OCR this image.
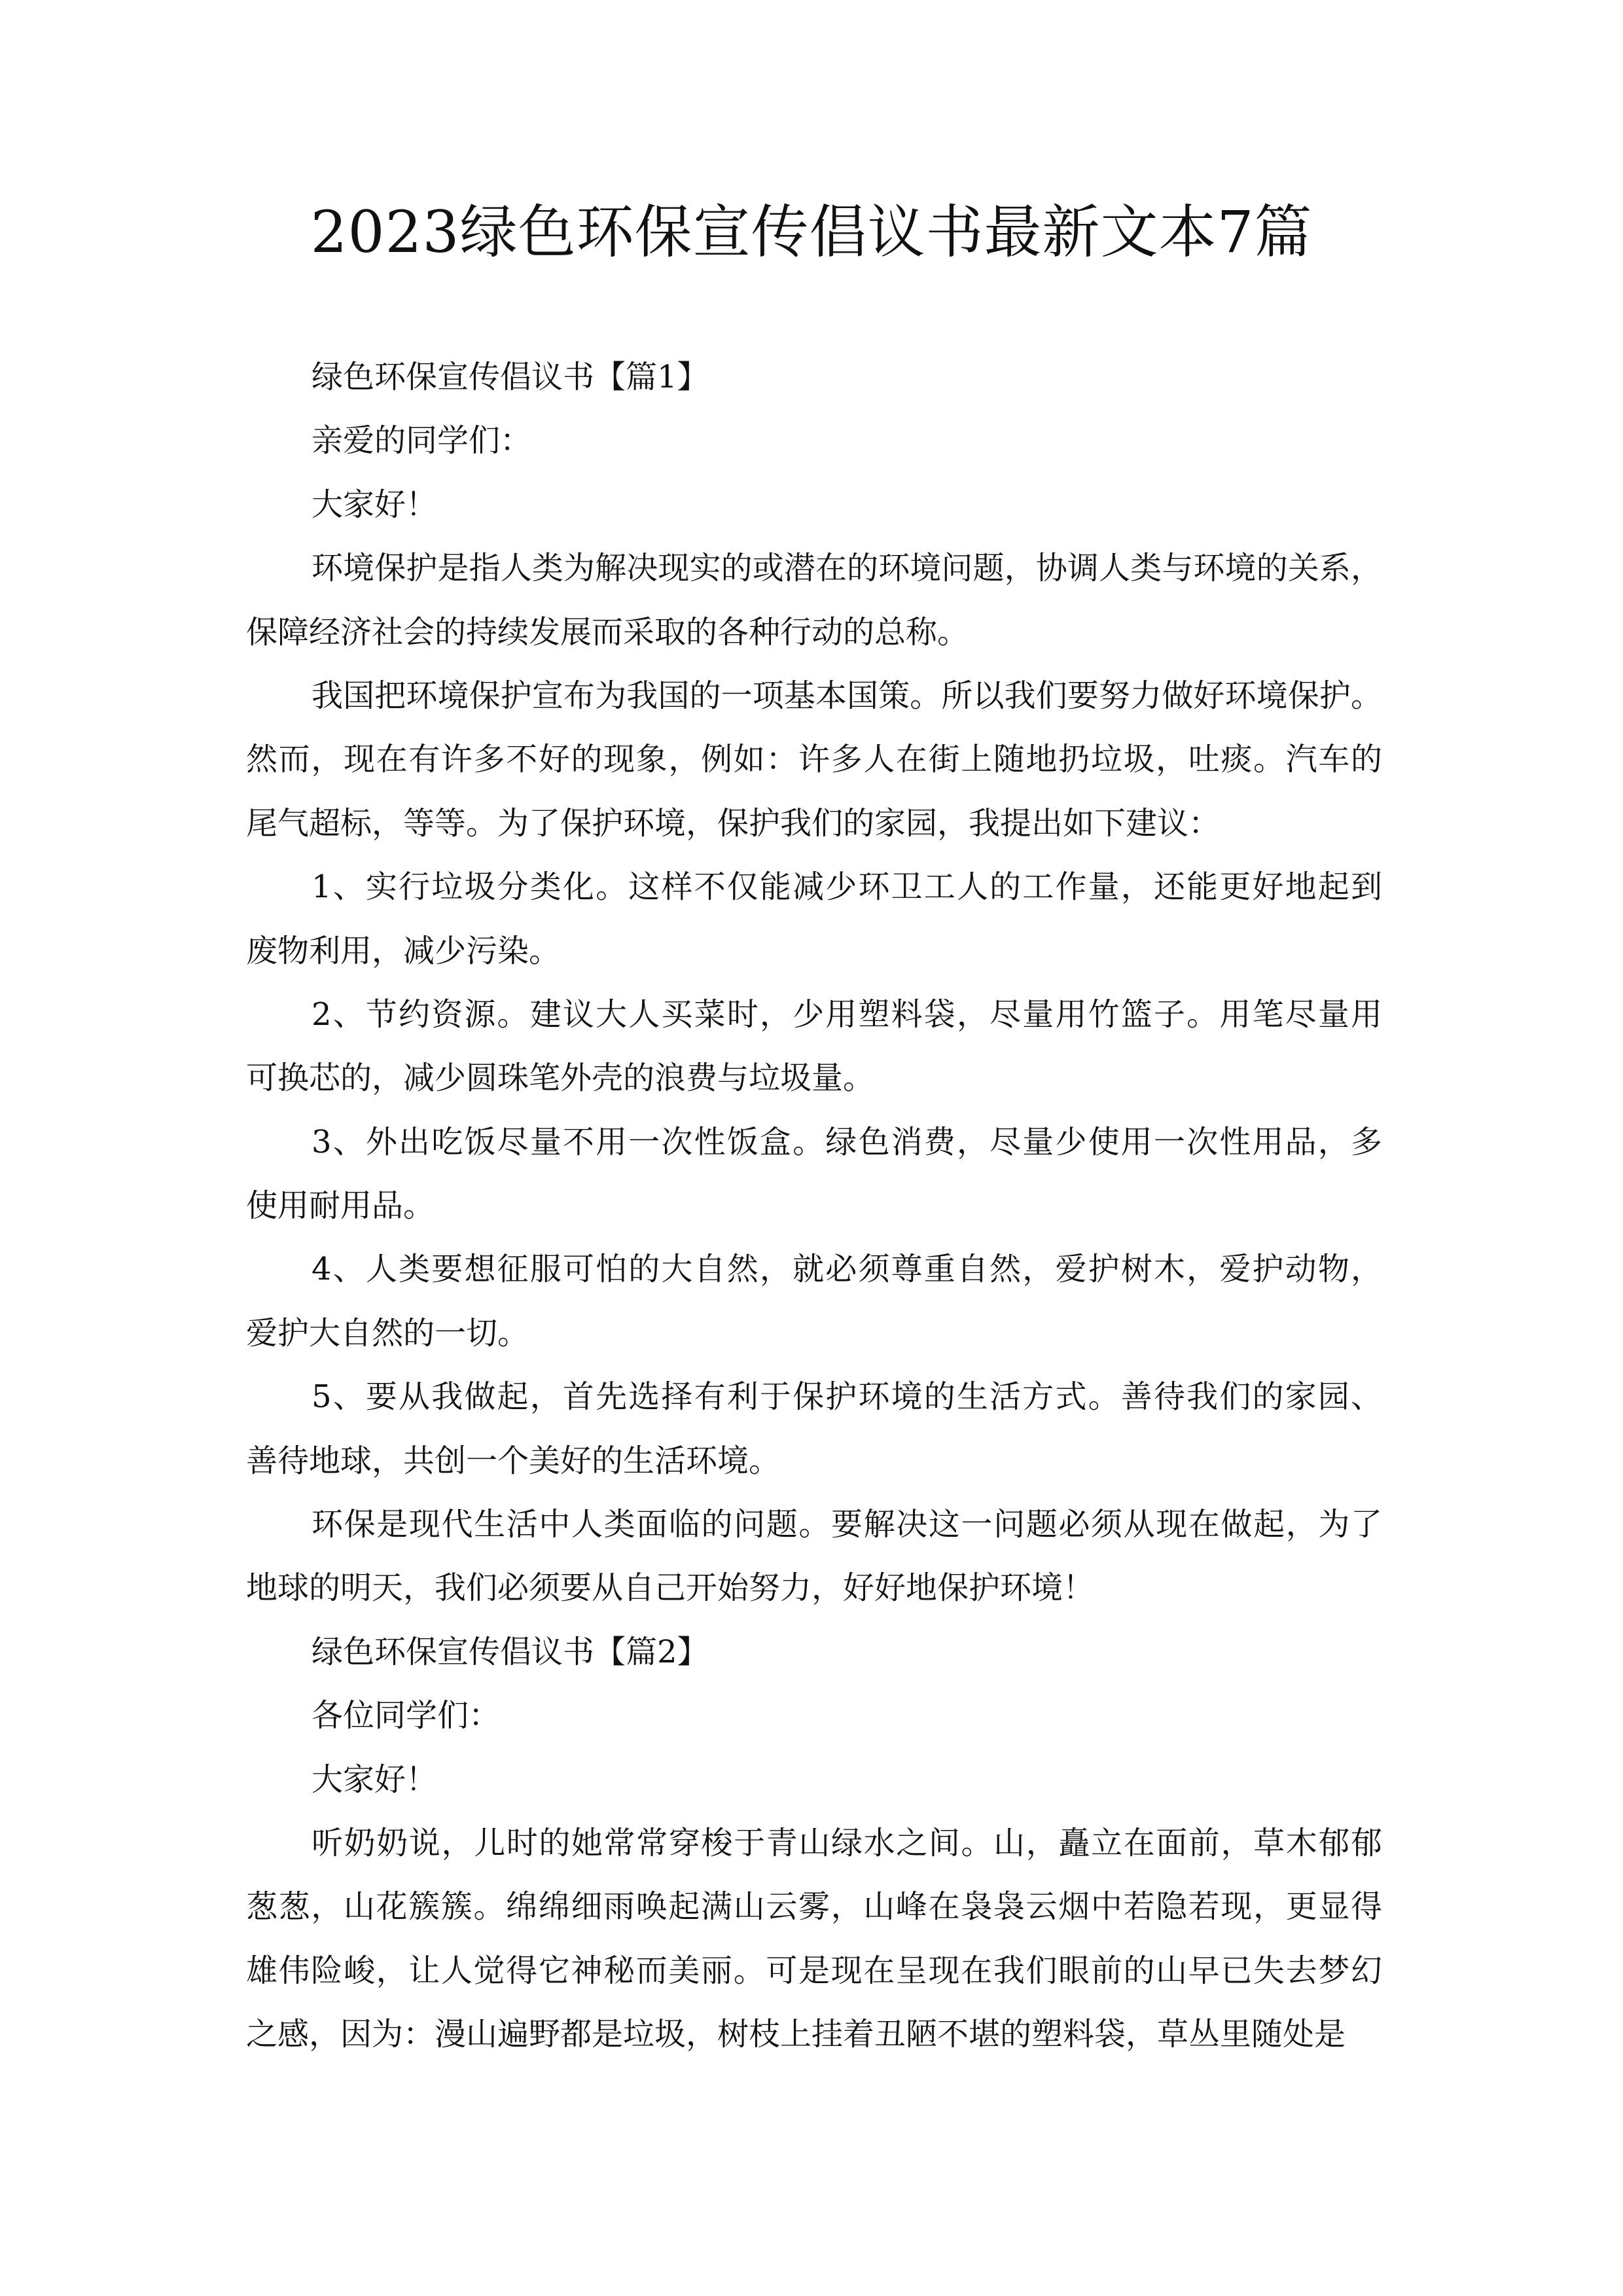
2023绿色环保宣传倡议书最新文本7篇
绿色环保宣传倡议书【篇1】
亲爱的同学们：
大家好！
环境保护是指人类为解决现实的或潜在的环境问题，协调人类与环境的关系，
保障经济社会的持续发展而采取的各种行动的总称。
我国把环境保护宣布为我国的一项基本国策。所以我们要努力做好环境保护。
然而，现在有许多不好的现象，例如：许多人在街上随地扔垃圾，吐痰。汽车的
尾气超标，等等。为了保护环境，保护我们的家园，我提出如下建议：
1、实行垃圾分类化。这样不仅能减少环卫工人的工作量，还能更好地起到
废物利用，减少污染。
2、节约资源。建议大人买菜时，少用塑料袋，尽量用竹篮子。用笔尽量用
可换芯的，减少圆珠笔外壳的浪费与垃圾量。
3、外出吃饭尽量不用一次性饭盒。绿色消费，尽量少使用一次性用品，多
使用耐用品。
4、人类要想征服可怕的大自然，就必须尊重自然，爱护树木，爱护动物，
爱护大自然的一切。
5、要从我做起，首先选择有利于保护环境的生活方式。善待我们的家园、
善待地球，共创一个美好的生活环境。
环保是现代生活中人类面临的问题。要解决这一问题必须从现在做起，为了
地球的明天，我们必须要从自己开始努力，好好地保护环境！
绿色环保宣传倡议书【篇2】
各位同学们：
大家好！
听奶奶说，儿时的她常常穿梭于青山绿水之间。山，矗立在面前，草木郁郁
葱葱，山花簇簇。绵绵细雨唤起满山云雾，山峰在袅袅云烟中若隐若现，更显得
雄伟险峻，让人觉得它神秘而美丽。可是现在呈现在我们眼前的山早已失去梦幻
之感，因为：漫山遍野都是垃圾，树枝上挂着丑陋不堪的塑料袋，草丛里随处是
